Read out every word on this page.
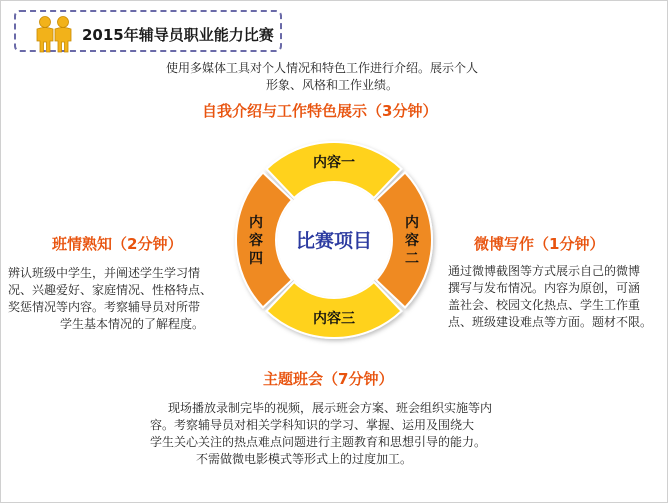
2015年辅导员职业能力比赛
使用多媒体工具对个人情况和特色工作进行介绍。展示个人
形象、风格和工作业绩。
自我介绍与工作特色展示（3分钟）
班情熟知（2分钟）
辨认班级中学生，并阐述学生学习情
况、兴趣爱好、家庭情况、性格特点、
奖惩情况等内容。考察辅导员对所带
学生基本情况的了解程度。
微博写作（1分钟）
通过微博截图等方式展示自己的微博
撰写与发布情况。内容为原创，可涵
盖社会、校园文化热点、学生工作重
点、班级建设难点等方面。题材不限。
主题班会（7分钟）
现场播放录制完毕的视频，展示班会方案、班会组织实施等内
容。考察辅导员对相关学科知识的学习、掌握、运用及围绕大
学生关心关注的热点难点问题进行主题教育和思想引导的能力。
不需做微电影模式等形式上的过度加工。
比赛项目
内容一
内容三
内容二
内容四
